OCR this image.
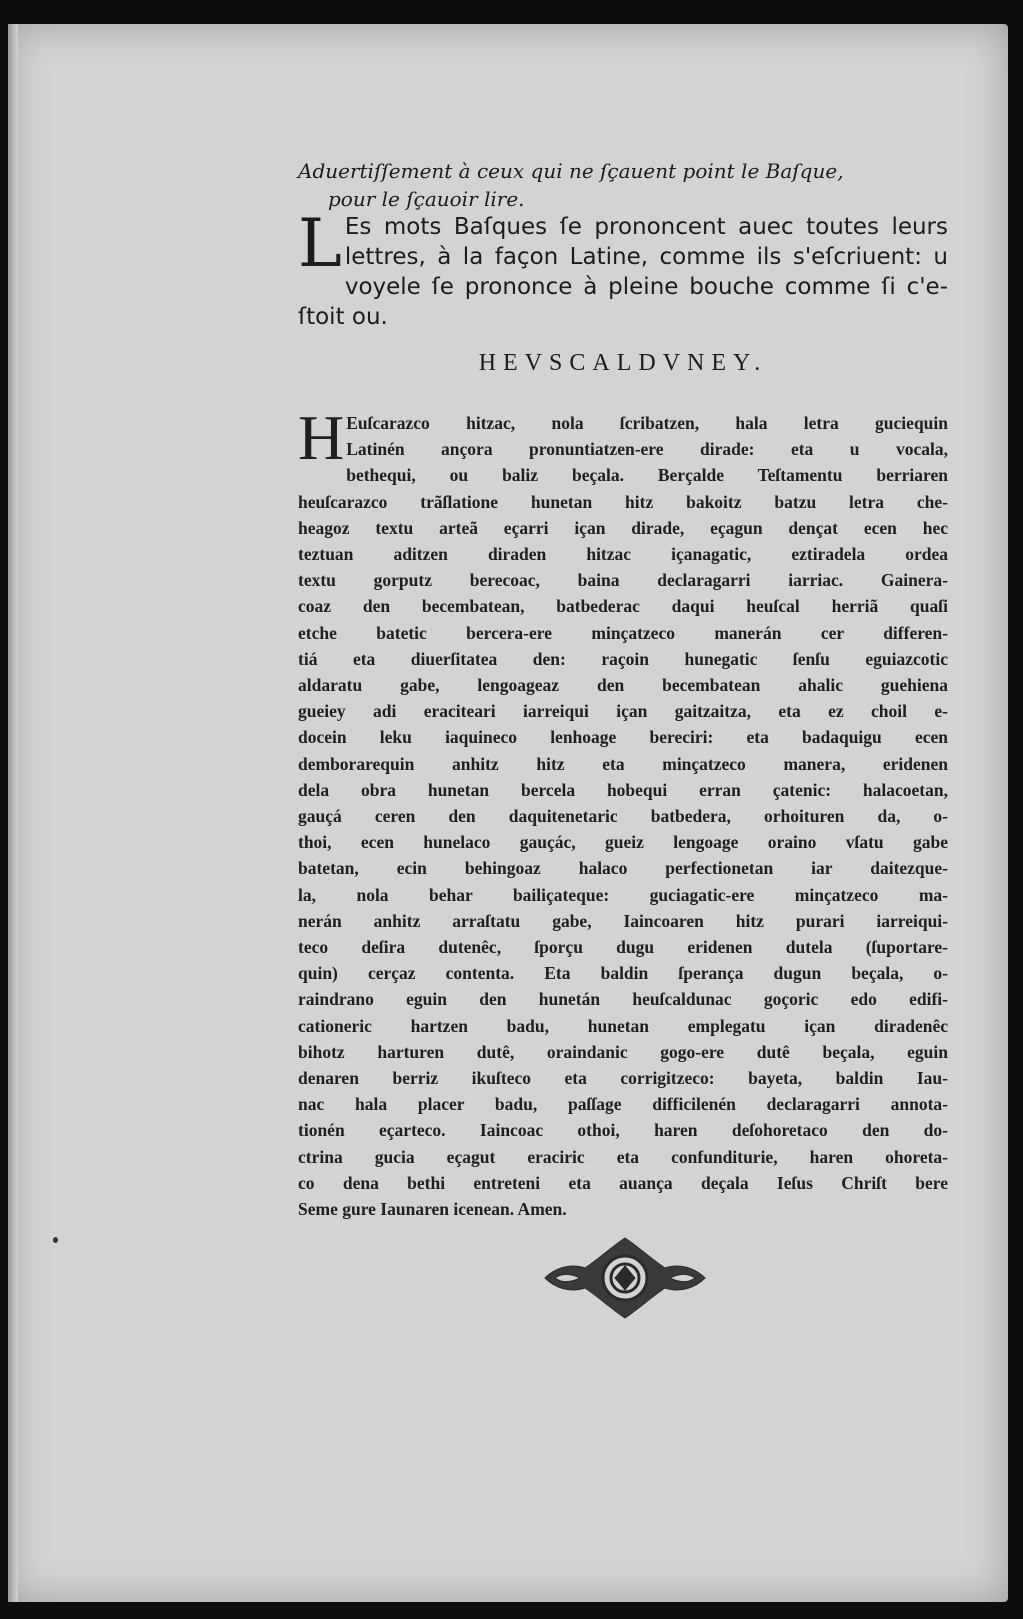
Aduertiſſement à ceux qui ne ſçauent point le Baſque,

pour le ſçauoir lire.
L Es mots Baſques ſe prononcent auec toutes leurs lettres, à la façon Latine, comme ils s'eſcriuent: u voyele ſe prononce à pleine bouche comme ſi c'e- ſtoit ou.
HEVSCALDVNEY.
H Euſcarazco hitzac, nola ſcribatzen, hala letra guciequin
Latinén ançora pronuntiatzen-ere dirade: eta u vocala,
bethequi, ou baliz beçala. Berçalde Teſtamentu berriaren
heuſcarazco trãſlatione hunetan hitz bakoitz batzu letra che-
heagoz textu arteã eçarri içan dirade, eçagun dençat ecen hec
teztuan aditzen diraden hitzac içanagatic, eztiradela ordea
textu gorputz berecoac, baina declaragarri iarriac. Gainera-
coaz den becembatean, batbederac daqui heuſcal herriã quaſi
etche batetic bercera-ere minçatzeco manerán cer differen-
tiá eta diuerſitatea den: raçoin hunegatic ſenſu eguiazcotic
aldaratu gabe, lengoageaz den becembatean ahalic guehiena
gueiey adi eraciteari iarreiqui içan gaitzaitza, eta ez choil e-
docein leku iaquineco lenhoage bereciri: eta badaquigu ecen
demborarequin anhitz hitz eta minçatzeco manera, eridenen
dela obra hunetan bercela hobequi erran çatenic: halacoetan,
gauçá ceren den daquitenetaric batbedera, orhoituren da, o-
thoi, ecen hunelaco gauçác, gueiz lengoage oraino vſatu gabe
batetan, ecin behingoaz halaco perfectionetan iar daitezque-
la, nola behar bailiçateque: guciagatic-ere minçatzeco ma-
nerán anhitz arraſtatu gabe, Iaincoaren hitz purari iarreiqui-
teco deſira dutenêc, ſporçu dugu eridenen dutela (ſuportare-
quin) cerçaz contenta. Eta baldin ſperança dugun beçala, o-
raindrano eguin den hunetán heuſcaldunac goçoric edo edifi-
cationeric hartzen badu, hunetan emplegatu içan diradenêc
bihotz harturen dutê, oraindanic gogo-ere dutê beçala, eguin
denaren berriz ikuſteco eta corrigitzeco: bayeta, baldin Iau-
nac hala placer badu, paſſage difficilenén declaragarri annota-
tionén eçarteco. Iaincoac othoi, haren deſohoretaco den do-
ctrina gucia eçagut eraciric eta confunditurie, haren ohoreta-
co dena bethi entreteni eta auança deçala Ieſus Chriſt bere
Seme gure Iaunaren icenean. Amen.
